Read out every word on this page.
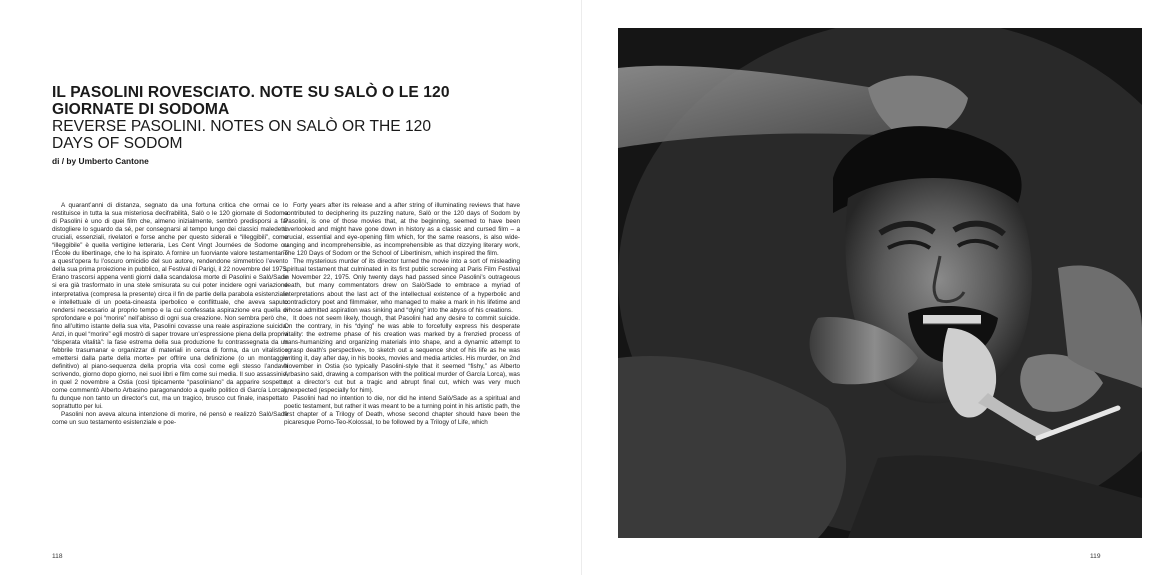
IL PASOLINI ROVESCIATO. NOTE SU SALÒ O LE 120 GIORNATE DI SODOMA
REVERSE PASOLINI. NOTES ON SALÒ OR THE 120 DAYS OF SODOM
di / by Umberto Cantone

A quarant’anni di distanza, segnato da una fortuna critica che ormai ce lo restituisce in tutta la sua misteriosa decifrabilità, Salò o le 120 giornate di Sodoma di Pasolini è uno di quei film che, almeno inizialmente, sembrò predisporsi a far distogliere lo sguardo da sé, per consegnarsi al tempo lungo dei classici maledetti: cruciali, essenziali, rivelatori e forse anche per questo siderali e “illeggibili”, come “illeggibile” è quella vertigine letteraria, Les Cent Vingt Journées de Sodome ou l’École du libertinage, che lo ha ispirato. A fornire un fuorviante valore testamentario a quest’opera fu l’oscuro omicidio del suo autore, rendendone simmetrico l’evento della sua prima proiezione in pubblico, al Festival di Parigi, il 22 novembre del 1975. Erano trascorsi appena venti giorni dalla scandalosa morte di Pasolini e Salò/Sade si era già trasformato in una stele smisurata su cui poter incidere ogni variazione interpretativa (compresa la presente) circa il fin de partie della parabola esistenziale e intellettuale di un poeta-cineasta iperbolico e conflittuale, che aveva saputo rendersi necessario al proprio tempo e la cui confessata aspirazione era quella di sprofondare e poi “morire” nell’abisso di ogni sua creazione. Non sembra però che, fino all’ultimo istante della sua vita, Pasolini covasse una reale aspirazione suicida. Anzi, in quel “morire” egli mostrò di saper trovare un’espressione piena della propria “disperata vitalità”: la fase estrema della sua produzione fu contrassegnata da un febbrile trasumanar e organizzar di materiali in cerca di forma, da un vitalistico «mettersi dalla parte della morte» per offrire una definizione (o un montaggio definitivo) al piano-sequenza della propria vita così come egli stesso l’andava scrivendo, giorno dopo giorno, nei suoi libri e film come sui media. Il suo assassinio, in quel 2 novembre a Ostia (così tipicamente “pasoliniano” da apparire sospetto, come commentò Alberto Arbasino paragonandolo a quello politico di García Lorca), fu dunque non tanto un director’s cut, ma un tragico, brusco cut finale, inaspettato soprattutto per lui.

Pasolini non aveva alcuna intenzione di morire, né pensò e realizzò Salò/Sade come un suo testamento esistenziale e poe-

Forty years after its release and a after string of illuminating reviews that have contributed to deciphering its puzzling nature, Salò or the 120 days of Sodom by Pasolini, is one of those movies that, at the beginning, seemed to have been overlooked and might have gone down in history as a classic and cursed film – a crucial, essential and eye-opening film which, for the same reasons, is also wide-ranging and incomprehensible, as incomprehensible as that dizzying literary work, The 120 Days of Sodom or the School of Libertinism, which inspired the film.

The mysterious murder of its director turned the movie into a sort of misleading spiritual testament that culminated in its first public screening at Paris Film Festival in November 22, 1975. Only twenty days had passed since Pasolini’s outrageous death, but many commentators drew on Salò/Sade to embrace a myriad of interpretations about the last act of the intellectual existence of a hyperbolic and contradictory poet and filmmaker, who managed to make a mark in his lifetime and whose admitted aspiration was sinking and “dying” into the abyss of his creations.

It does not seem likely, though, that Pasolini had any desire to commit suicide. On the contrary, in his “dying” he was able to forcefully express his desperate vitality: the extreme phase of his creation was marked by a frenzied process of trans-humanizing and organizing materials into shape, and a dynamic attempt to «grasp death’s perspective», to sketch out a sequence shot of his life as he was writing it, day after day, in his books, movies and media articles. His murder, on 2nd November in Ostia (so typically Pasolini-style that it seemed “fishy,” as Alberto Arbasino said, drawing a comparison with the political murder of García Lorca), was not a director’s cut but a tragic and abrupt final cut, which was very much unexpected (especially for him).

Pasolini had no intention to die, nor did he intend Salò/Sade as a spiritual and poetic testament, but rather it was meant to be a turning point in his artistic path, the first chapter of a Trilogy of Death, whose second chapter should have been the picaresque Porno-Teo-Kolossal, to be followed by a Trilogy of Life, which

118	119
